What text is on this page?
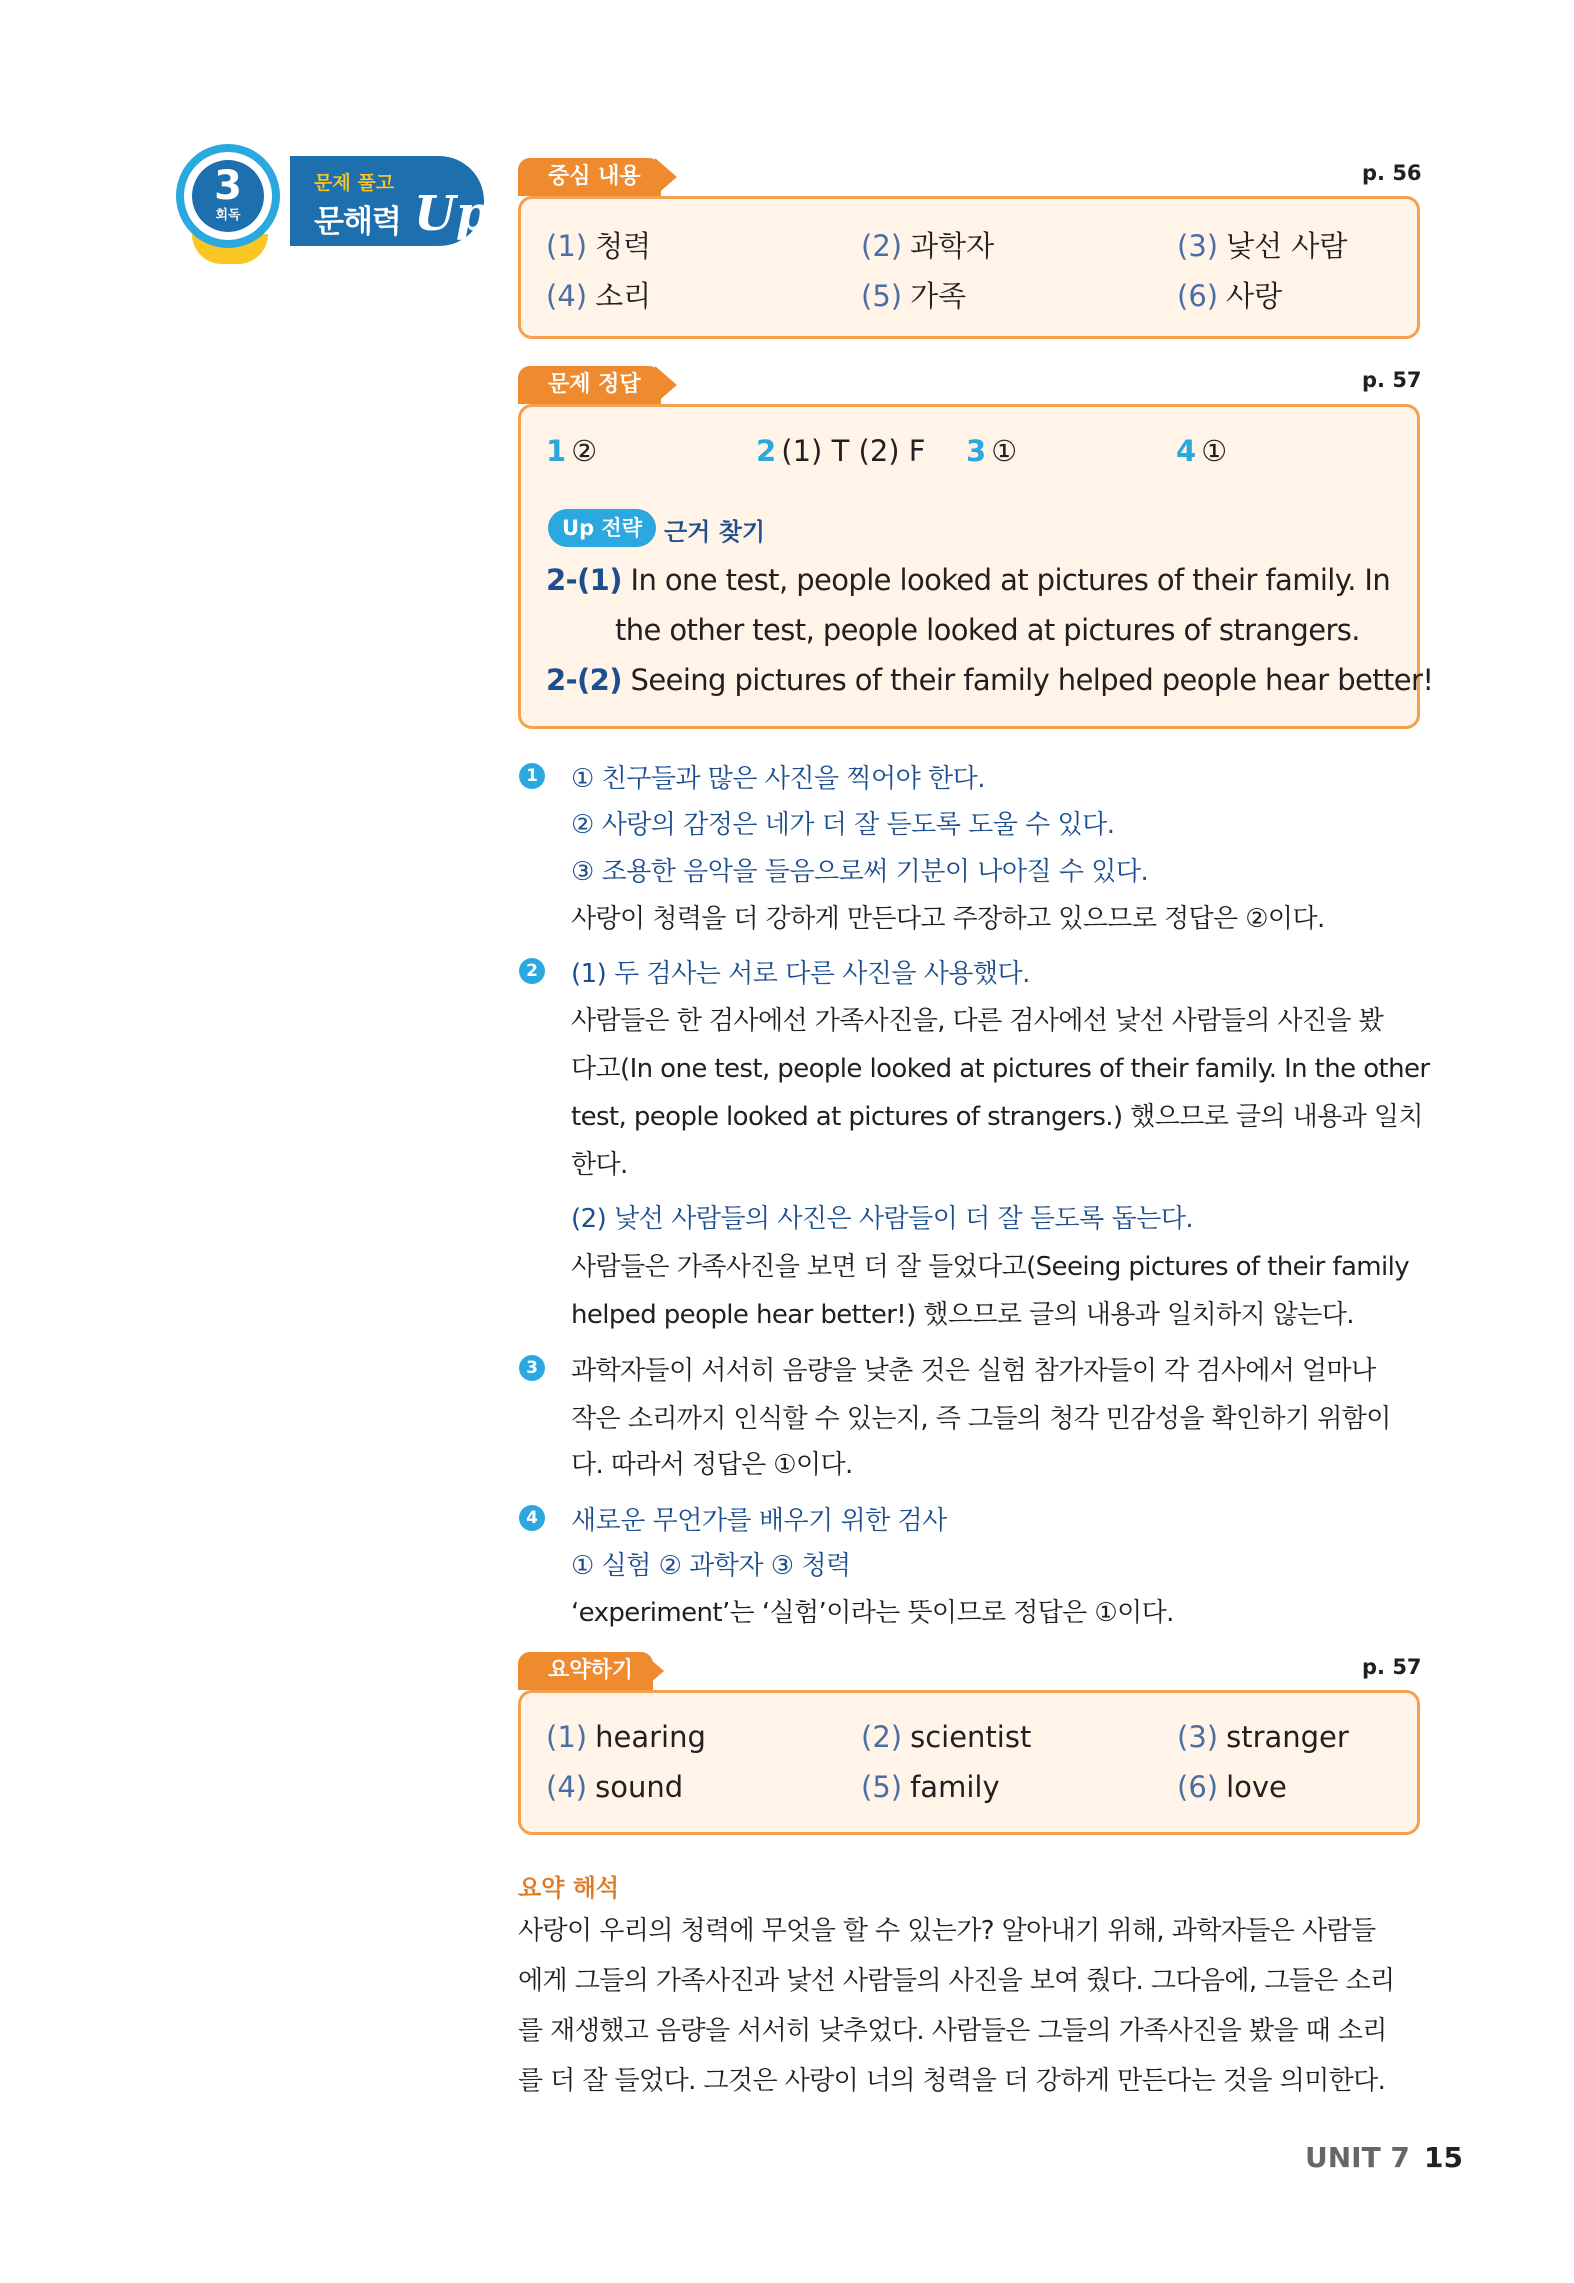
문제 풀고
문해력 Up
3
회독
중심 내용	p. 56
(1) 청력	(2) 과학자	(3) 낯선 사람
(4) 소리	(5) 가족	(6) 사랑
문제 정답	p. 57
1 ②	2 (1) T (2) F 3 ①	4 ①
Up 전략 근거 찾기
2-(1) In one test, people looked at pictures of their family. In
the other test, people looked at pictures of strangers.
2-(2) Seeing pictures of their family helped people hear better!
1 ① 친구들과 많은 사진을 찍어야 한다.
② 사랑의 감정은 네가 더 잘 듣도록 도울 수 있다.
③ 조용한 음악을 들음으로써 기분이 나아질 수 있다.
사랑이 청력을 더 강하게 만든다고 주장하고 있으므로 정답은 ②이다.
2 (1) 두 검사는 서로 다른 사진을 사용했다.
사람들은 한 검사에선 가족사진을, 다른 검사에선 낯선 사람들의 사진을 봤
다고(In one test, people looked at pictures of their family. In the other
test, people looked at pictures of strangers.) 했으므로 글의 내용과 일치
한다.
(2) 낯선 사람들의 사진은 사람들이 더 잘 듣도록 돕는다.
사람들은 가족사진을 보면 더 잘 들었다고(Seeing pictures of their family
helped people hear better!) 했으므로 글의 내용과 일치하지 않는다.
3 과학자들이 서서히 음량을 낮춘 것은 실험 참가자들이 각 검사에서 얼마나
작은 소리까지 인식할 수 있는지, 즉 그들의 청각 민감성을 확인하기 위함이
다. 따라서 정답은 ①이다.
4 새로운 무언가를 배우기 위한 검사
① 실험 ② 과학자 ③ 청력
‘experiment’는 ‘실험’이라는 뜻이므로 정답은 ①이다.
요약하기	p. 57
(1) hearing	(2) scientist	(3) stranger
(4) sound	(5) family	(6) love
요약 해석
사랑이 우리의 청력에 무엇을 할 수 있는가? 알아내기 위해, 과학자들은 사람들
에게 그들의 가족사진과 낯선 사람들의 사진을 보여 줬다. 그다음에, 그들은 소리
를 재생했고 음량을 서서히 낮추었다. 사람들은 그들의 가족사진을 봤을 때 소리
를 더 잘 들었다. 그것은 사랑이 너의 청력을 더 강하게 만든다는 것을 의미한다.
UNIT 7 15
